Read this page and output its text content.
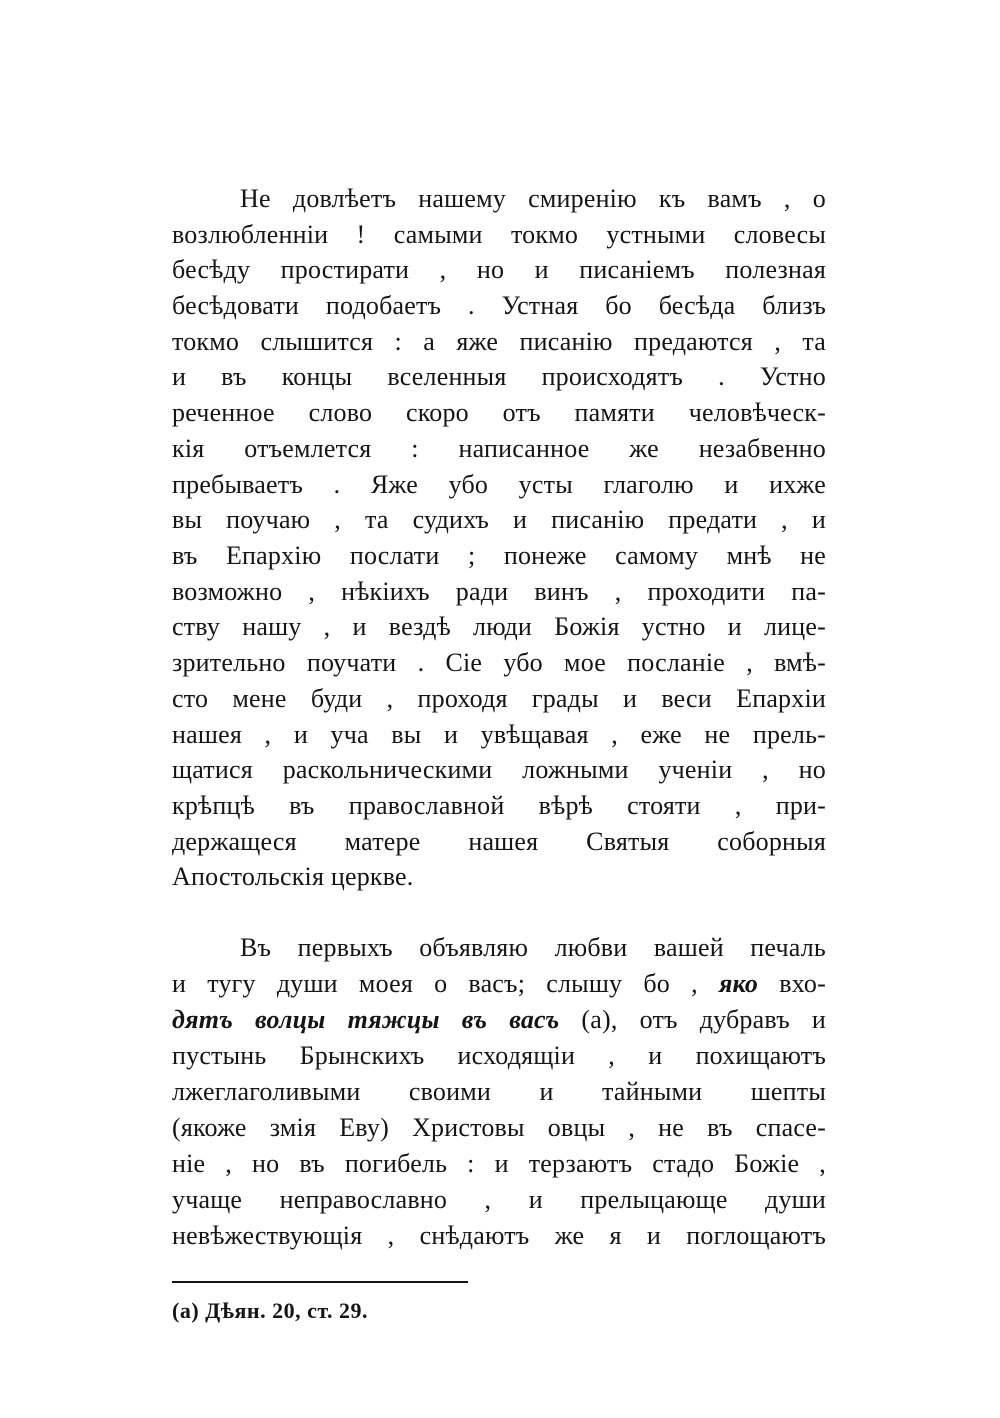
Не довлѣетъ нашему смиренію къ вамъ , о

возлюбленніи ! самыми токмо устными словесы

бесѣду простирати , но и писаніемъ полезная

бесѣдовати подобаетъ . Устная бо бесѣда близъ

токмо слышится : а яже писанію предаются , та

и въ концы вселенныя происходятъ . Устно

реченное слово скоро отъ памяти человѣческ-

кія отъемлется : написанное же незабвенно

пребываетъ . Яже убо усты глаголю и ихже

вы поучаю , та судихъ и писанію предати , и

въ Епархію послати ; понеже самому мнѣ не

возможно , нѣкіихъ ради винъ , проходити па-

ству нашу , и вездѣ люди Божія устно и лице-

зрительно поучати . Сіе убо мое посланіе , вмѣ-

сто мене буди , проходя грады и веси Епархіи

нашея , и уча вы и увѣщавая , еже не прель-

щатися раскольническими ложными ученіи , но

крѣпцѣ въ православной вѣрѣ стояти , при-

держащеся матере нашея Святыя соборныя

Апостольскія церкве.

Въ первыхъ объявляю любви вашей печаль

и тугу души моея о васъ; слышу бо , яко вхо-

дятъ волцы тяжцы въ васъ (а), отъ дубравъ и

пустынь Брынскихъ исходящіи , и похищаютъ

лжеглаголивыми своими и тайными шепты

(якоже змія Еву) Христовы овцы , не въ спасе-

ніе , но въ погибель : и терзаютъ стадо Божіе ,

учаще неправославно , и прелыцающе души

невѣжествующія , снѣдаютъ же я и поглощаютъ

(а) Дѣян. 20, ст. 29.
